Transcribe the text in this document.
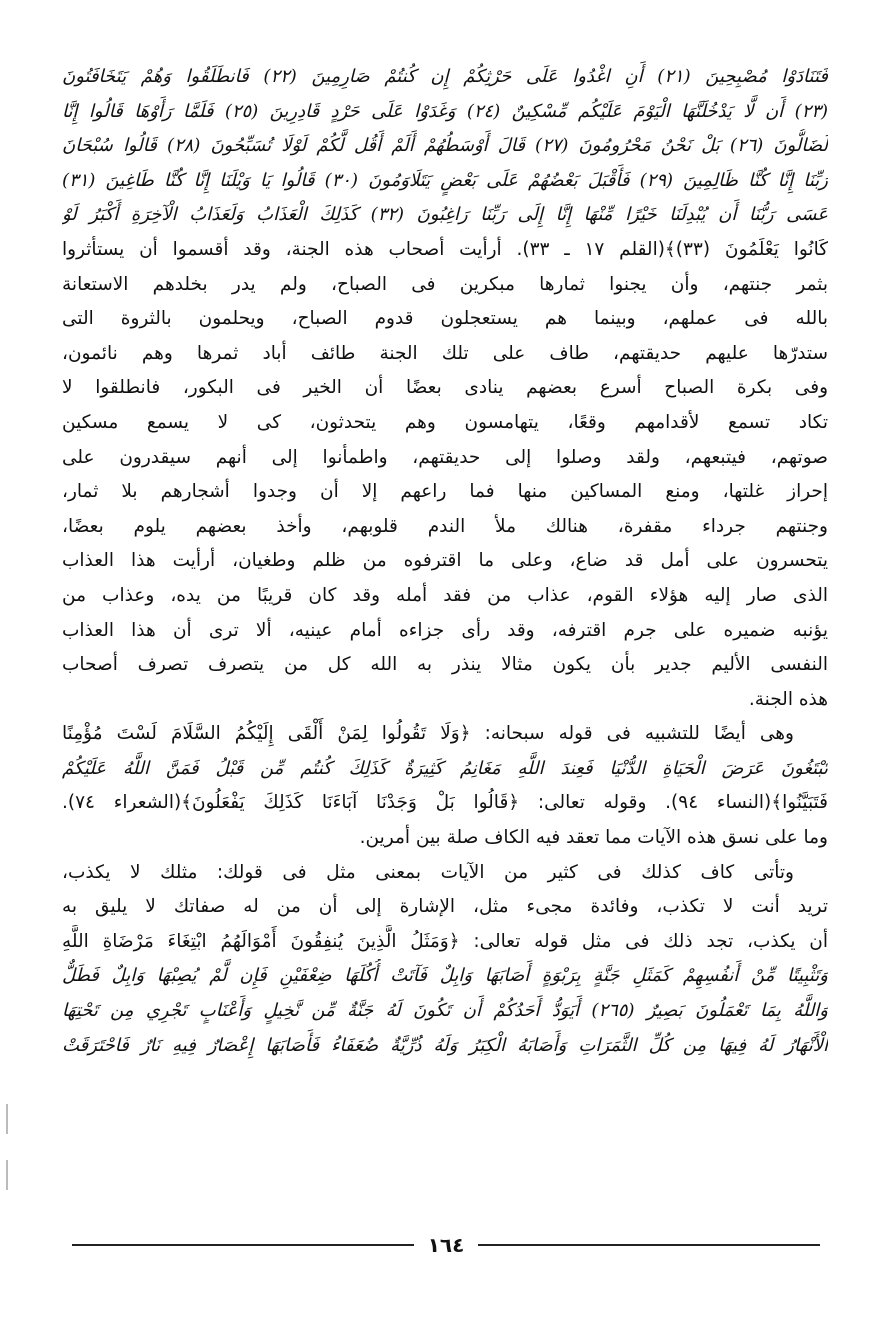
فَتَنَادَوْا مُصْبِحِينَ (٢١) أَنِ اغْدُوا عَلَى حَرْثِكُمْ إِن كُنتُمْ صَارِمِينَ (٢٢) فَانطَلَقُوا وَهُمْ يَتَخَافَتُونَ
(٢٣) أَن لَّا يَدْخُلَنَّهَا الْيَوْمَ عَلَيْكُم مِّسْكِينٌ (٢٤) وَغَدَوْا عَلَى حَرْدٍ قَادِرِينَ (٢٥) فَلَمَّا رَأَوْهَا قَالُوا إِنَّا
لَضَالُّونَ (٢٦) بَلْ نَحْنُ مَحْرُومُونَ (٢٧) قَالَ أَوْسَطُهُمْ أَلَمْ أَقُل لَّكُمْ لَوْلَا تُسَبِّحُونَ (٢٨) قَالُوا سُبْحَانَ
رَبِّنَا إِنَّا كُنَّا ظَالِمِينَ (٢٩) فَأَقْبَلَ بَعْضُهُمْ عَلَى بَعْضٍ يَتَلَاوَمُونَ (٣٠) قَالُوا يَا وَيْلَنَا إِنَّا كُنَّا طَاغِينَ (٣١)
عَسَى رَبُّنَا أَن يُبْدِلَنَا خَيْرًا مِّنْهَا إِنَّا إِلَى رَبِّنَا رَاغِبُونَ (٣٢) كَذَلِكَ الْعَذَابُ وَلَعَذَابُ الْآخِرَةِ أَكْبَرُ لَوْ
كَانُوا يَعْلَمُونَ (٣٣)﴾(القلم ١٧ ـ ٣٣). أرأيت أصحاب هذه الجنة، وقد أقسموا أن يستأثروا
بثمر جنتهم، وأن يجنوا ثمارها مبكرين فى الصباح، ولم يدر بخلدهم الاستعانة
بالله فى عملهم، وبينما هم يستعجلون قدوم الصباح، ويحلمون بالثروة التى
ستدرّها عليهم حديقتهم، طاف على تلك الجنة طائف أباد ثمرها وهم نائمون،
وفى بكرة الصباح أسرع بعضهم ينادى بعضًا أن الخير فى البكور، فانطلقوا لا
تكاد تسمع لأقدامهم وقعًا، يتهامسون وهم يتحدثون، كى لا يسمع مسكين
صوتهم، فيتبعهم، ولقد وصلوا إلى حديقتهم، واطمأنوا إلى أنهم سيقدرون على
إحراز غلتها، ومنع المساكين منها فما راعهم إلا أن وجدوا أشجارهم بلا ثمار،
وجنتهم جرداء مقفرة، هنالك ملأ الندم قلوبهم، وأخذ بعضهم يلوم بعضًا،
يتحسرون على أمل قد ضاع، وعلى ما اقترفوه من ظلم وطغيان، أرأيت هذا العذاب
الذى صار إليه هؤلاء القوم، عذاب من فقد أمله وقد كان قريبًا من يده، وعذاب من
يؤنبه ضميره على جرم اقترفه، وقد رأى جزاءه أمام عينيه، ألا ترى أن هذا العذاب
النفسى الأليم جدير بأن يكون مثالا ينذر به الله كل من يتصرف تصرف أصحاب
هذه الجنة.
وهى أيضًا للتشبيه فى قوله سبحانه: ﴿وَلَا تَقُولُوا لِمَنْ أَلْقَى إِلَيْكُمُ السَّلَامَ لَسْتَ مُؤْمِنًا
تَبْتَغُونَ عَرَضَ الْحَيَاةِ الدُّنْيَا فَعِندَ اللَّهِ مَغَانِمُ كَثِيرَةٌ كَذَلِكَ كُنتُم مِّن قَبْلُ فَمَنَّ اللَّهُ عَلَيْكُمْ
فَتَبَيَّنُوا﴾(النساء ٩٤). وقوله تعالى: ﴿قَالُوا بَلْ وَجَدْنَا آبَاءَنَا كَذَلِكَ يَفْعَلُونَ﴾(الشعراء ٧٤).
وما على نسق هذه الآيات مما تعقد فيه الكاف صلة بين أمرين.
وتأتى كاف كذلك فى كثير من الآيات بمعنى مثل فى قولك: مثلك لا يكذب،
تريد أنت لا تكذب، وفائدة مجىء مثل، الإشارة إلى أن من له صفاتك لا يليق به
أن يكذب، تجد ذلك فى مثل قوله تعالى: ﴿وَمَثَلُ الَّذِينَ يُنفِقُونَ أَمْوَالَهُمُ ابْتِغَاءَ مَرْضَاةِ اللَّهِ
وَتَثْبِيتًا مِّنْ أَنفُسِهِمْ كَمَثَلِ جَنَّةٍ بِرَبْوَةٍ أَصَابَهَا وَابِلٌ فَآتَتْ أُكُلَهَا ضِعْفَيْنِ فَإِن لَّمْ يُصِبْهَا وَابِلٌ فَطَلٌّ
وَاللَّهُ بِمَا تَعْمَلُونَ بَصِيرٌ (٢٦٥) أَيَوَدُّ أَحَدُكُمْ أَن تَكُونَ لَهُ جَنَّةٌ مِّن نَّخِيلٍ وَأَعْنَابٍ تَجْرِي مِن تَحْتِهَا
الْأَنْهَارُ لَهُ فِيهَا مِن كُلِّ الثَّمَرَاتِ وَأَصَابَهُ الْكِبَرُ وَلَهُ ذُرِّيَّةٌ ضُعَفَاءُ فَأَصَابَهَا إِعْصَارٌ فِيهِ نَارٌ فَاحْتَرَقَتْ
١٦٤
